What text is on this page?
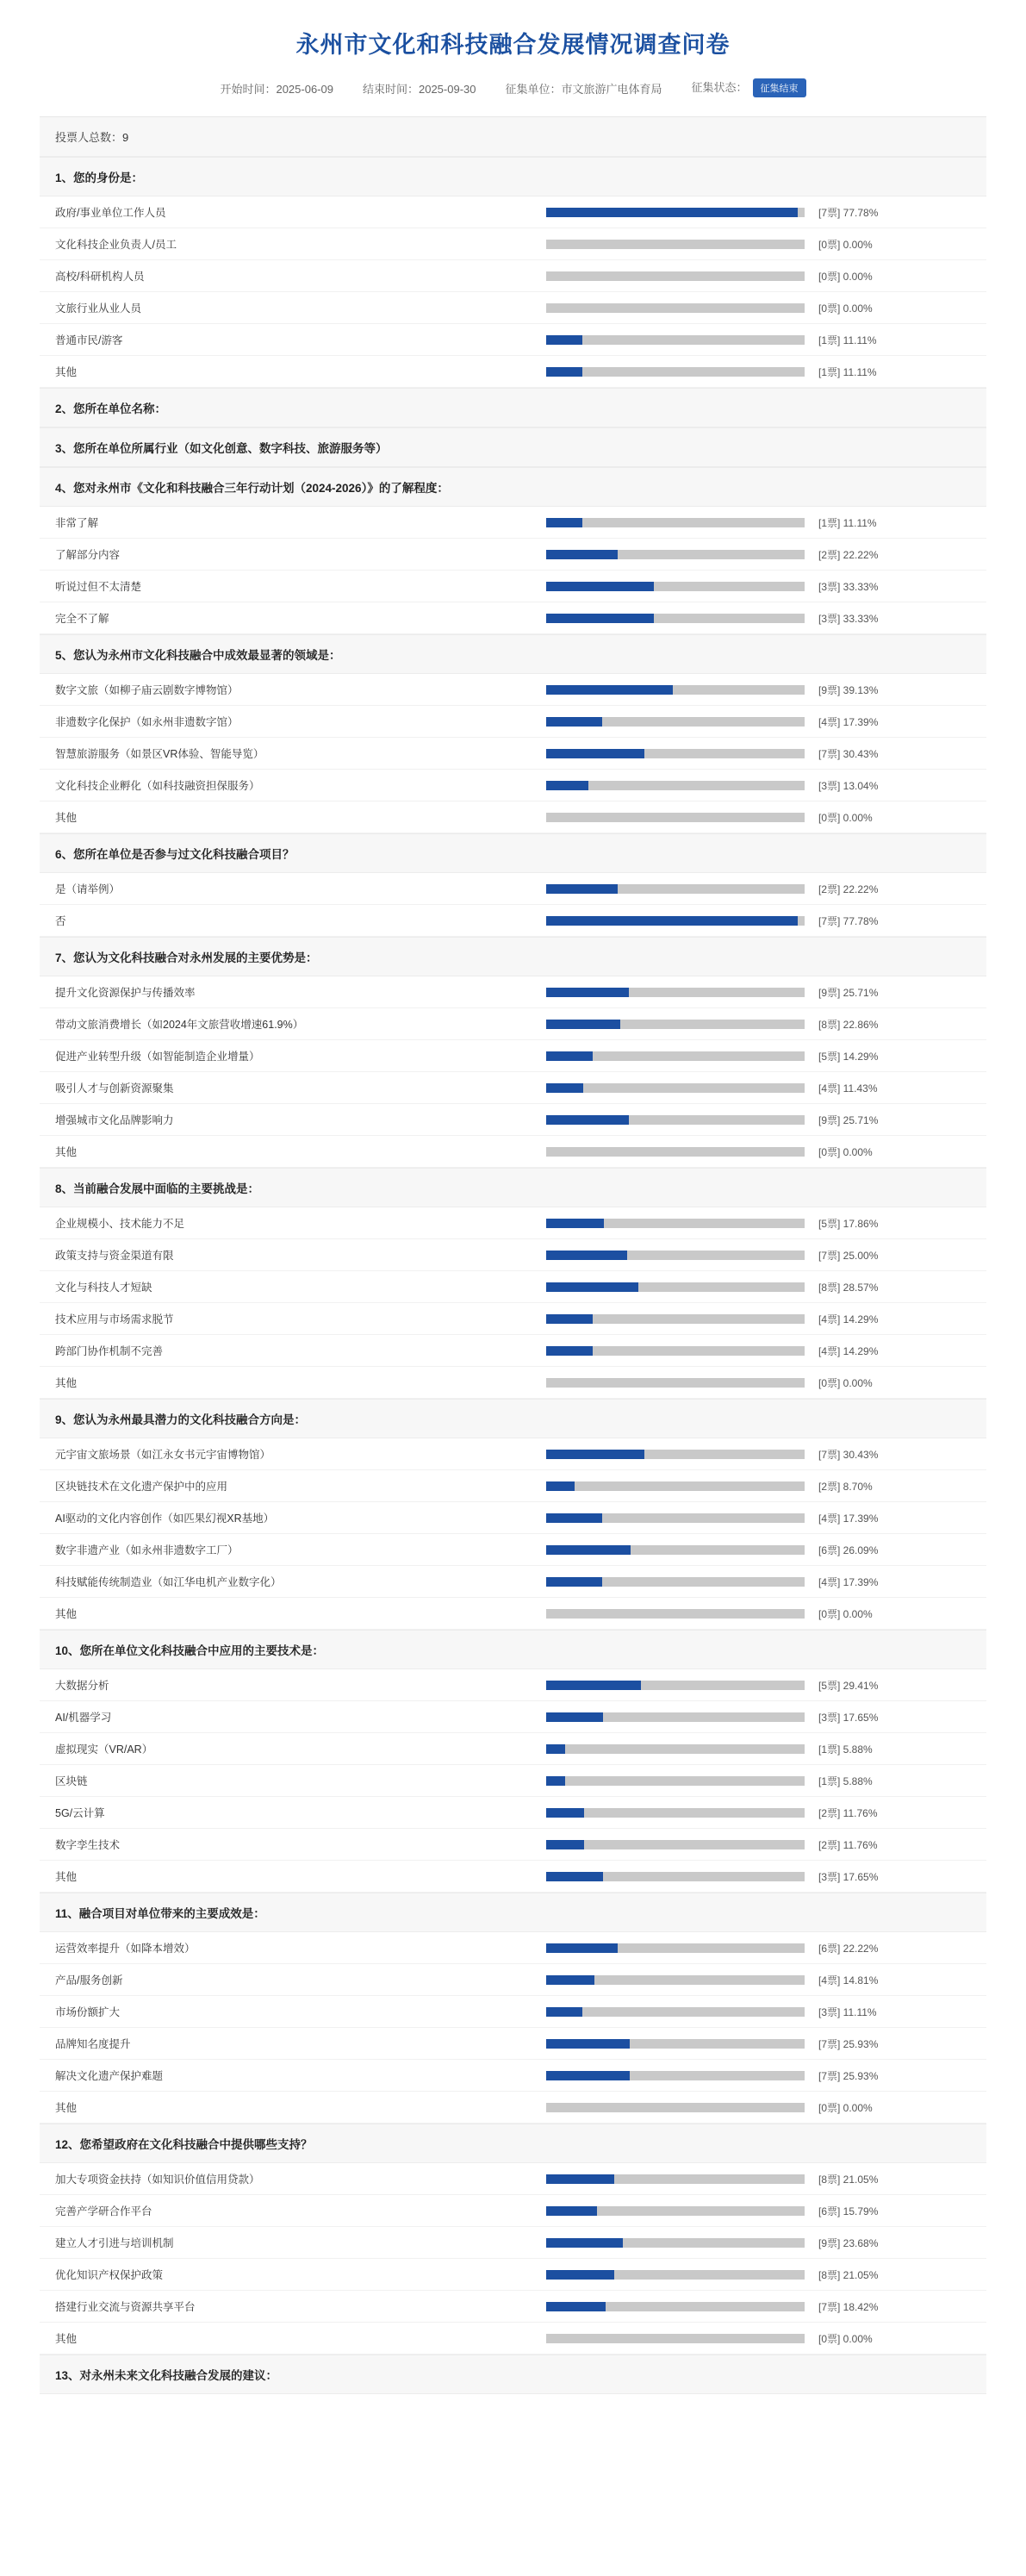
永州市文化和科技融合发展情况调查问卷
开始时间：2025-06-09	结束时间：2025-09-30	征集单位：市文旅游广电体育局	征集状态： 征集结束
投票人总数：9
1、您的身份是：
政府/事业单位工作人员	[7票] 77.78%
文化科技企业负责人/员工	[0票] 0.00%
高校/科研机构人员	[0票] 0.00%
文旅行业从业人员	[0票] 0.00%
普通市民/游客	[1票] 11.11%
其他	[1票] 11.11%
2、您所在单位名称：
3、您所在单位所属行业（如文化创意、数字科技、旅游服务等）
4、您对永州市《文化和科技融合三年行动计划（2024-2026）》的了解程度：
非常了解	[1票] 11.11%
了解部分内容	[2票] 22.22%
听说过但不太清楚	[3票] 33.33%
完全不了解	[3票] 33.33%
5、您认为永州市文化科技融合中成效最显著的领域是：
数字文旅（如柳子庙云剧数字博物馆）	[9票] 39.13%
非遗数字化保护（如永州非遗数字馆）	[4票] 17.39%
智慧旅游服务（如景区VR体验、智能导览）	[7票] 30.43%
文化科技企业孵化（如科技融资担保服务）	[3票] 13.04%
其他	[0票] 0.00%
6、您所在单位是否参与过文化科技融合项目？
是（请举例）	[2票] 22.22%
否	[7票] 77.78%
7、您认为文化科技融合对永州发展的主要优势是：
提升文化资源保护与传播效率	[9票] 25.71%
带动文旅消费增长（如2024年文旅营收增速61.9%）	[8票] 22.86%
促进产业转型升级（如智能制造企业增量）	[5票] 14.29%
吸引人才与创新资源聚集	[4票] 11.43%
增强城市文化品牌影响力	[9票] 25.71%
其他	[0票] 0.00%
8、当前融合发展中面临的主要挑战是：
企业规模小、技术能力不足	[5票] 17.86%
政策支持与资金渠道有限	[7票] 25.00%
文化与科技人才短缺	[8票] 28.57%
技术应用与市场需求脱节	[4票] 14.29%
跨部门协作机制不完善	[4票] 14.29%
其他	[0票] 0.00%
9、您认为永州最具潜力的文化科技融合方向是：
元宇宙文旅场景（如江永女书元宇宙博物馆）	[7票] 30.43%
区块链技术在文化遗产保护中的应用	[2票] 8.70%
AI驱动的文化内容创作（如匹果幻视XR基地）	[4票] 17.39%
数字非遗产业（如永州非遗数字工厂）	[6票] 26.09%
科技赋能传统制造业（如江华电机产业数字化）	[4票] 17.39%
其他	[0票] 0.00%
10、您所在单位文化科技融合中应用的主要技术是：
大数据分析	[5票] 29.41%
AI/机器学习	[3票] 17.65%
虚拟现实（VR/AR）	[1票] 5.88%
区块链	[1票] 5.88%
5G/云计算	[2票] 11.76%
数字孪生技术	[2票] 11.76%
其他	[3票] 17.65%
11、融合项目对单位带来的主要成效是：
运营效率提升（如降本增效）	[6票] 22.22%
产品/服务创新	[4票] 14.81%
市场份额扩大	[3票] 11.11%
品牌知名度提升	[7票] 25.93%
解决文化遗产保护难题	[7票] 25.93%
其他	[0票] 0.00%
12、您希望政府在文化科技融合中提供哪些支持？
加大专项资金扶持（如知识价值信用贷款）	[8票] 21.05%
完善产学研合作平台	[6票] 15.79%
建立人才引进与培训机制	[9票] 23.68%
优化知识产权保护政策	[8票] 21.05%
搭建行业交流与资源共享平台	[7票] 18.42%
其他	[0票] 0.00%
13、对永州未来文化科技融合发展的建议：
